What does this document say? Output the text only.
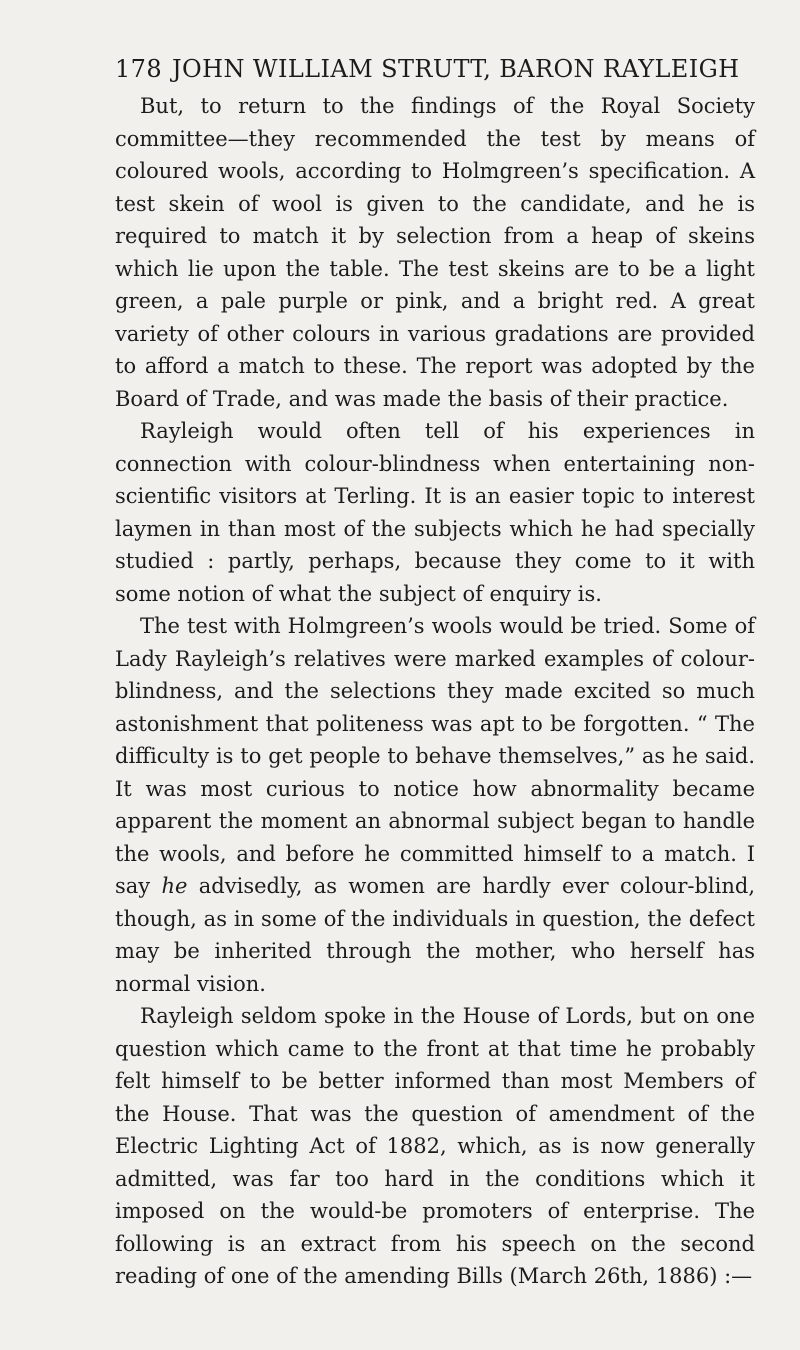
178 JOHN WILLIAM STRUTT, BARON RAYLEIGH

But, to return to the findings of the Royal Society committee—they recommended the test by means of coloured wools, according to Holmgreen’s specification. A test skein of wool is given to the candidate, and he is required to match it by selection from a heap of skeins which lie upon the table. The test skeins are to be a light green, a pale purple or pink, and a bright red. A great variety of other colours in various gradations are provided to afford a match to these. The report was adopted by the Board of Trade, and was made the basis of their practice.

Rayleigh would often tell of his experiences in connection with colour-blindness when entertaining non-scientific visitors at Terling. It is an easier topic to interest laymen in than most of the subjects which he had specially studied : partly, perhaps, because they come to it with some notion of what the subject of enquiry is.

The test with Holmgreen’s wools would be tried. Some of Lady Rayleigh’s relatives were marked examples of colour-blindness, and the selections they made excited so much astonishment that politeness was apt to be forgotten. “ The difficulty is to get people to behave themselves,” as he said. It was most curious to notice how abnormality became apparent the moment an abnormal subject began to handle the wools, and before he committed himself to a match. I say he advisedly, as women are hardly ever colour-blind, though, as in some of the individuals in question, the defect may be inherited through the mother, who herself has normal vision.

Rayleigh seldom spoke in the House of Lords, but on one question which came to the front at that time he probably felt himself to be better informed than most Members of the House. That was the question of amendment of the Electric Lighting Act of 1882, which, as is now generally admitted, was far too hard in the conditions which it imposed on the would-be promoters of enterprise. The following is an extract from his speech on the second reading of one of the amending Bills (March 26th, 1886) :—
